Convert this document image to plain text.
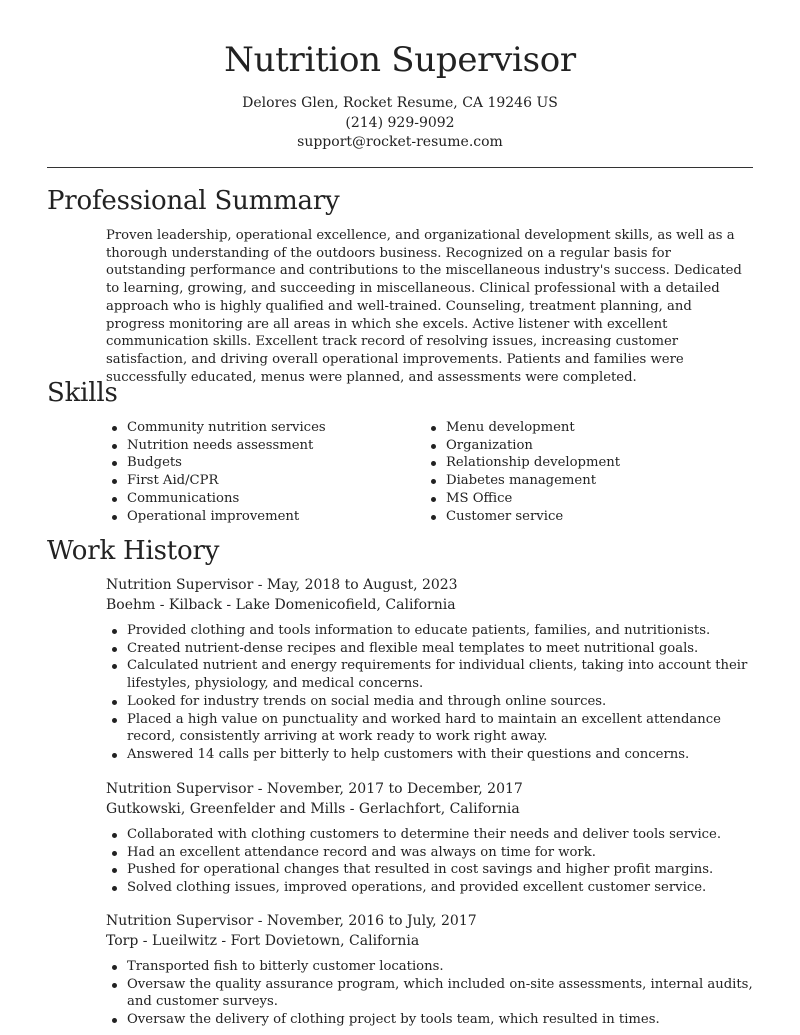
Nutrition Supervisor
Delores Glen, Rocket Resume, CA 19246 US
(214) 929-9092
support@rocket-resume.com
Professional Summary

Proven leadership, operational excellence, and organizational development skills, as well as a thorough understanding of the outdoors business. Recognized on a regular basis for outstanding performance and contributions to the miscellaneous industry's success. Dedicated to learning, growing, and succeeding in miscellaneous. Clinical professional with a detailed approach who is highly qualified and well-trained. Counseling, treatment planning, and progress monitoring are all areas in which she excels. Active listener with excellent communication skills. Excellent track record of resolving issues, increasing customer satisfaction, and driving overall operational improvements. Patients and families were successfully educated, menus were planned, and assessments were completed.

Skills
Community nutrition services
Nutrition needs assessment
Budgets
First Aid/CPR
Communications
Operational improvement
Menu development
Organization
Relationship development
Diabetes management
MS Office
Customer service
Work History
Nutrition Supervisor - May, 2018 to August, 2023
Boehm - Kilback - Lake Domenicofield, California
Provided clothing and tools information to educate patients, families, and nutritionists.
Created nutrient-dense recipes and flexible meal templates to meet nutritional goals.
Calculated nutrient and energy requirements for individual clients, taking into account their lifestyles, physiology, and medical concerns.
Looked for industry trends on social media and through online sources.
Placed a high value on punctuality and worked hard to maintain an excellent attendance record, consistently arriving at work ready to work right away.
Answered 14 calls per bitterly to help customers with their questions and concerns.
Nutrition Supervisor - November, 2017 to December, 2017
Gutkowski, Greenfelder and Mills - Gerlachfort, California
Collaborated with clothing customers to determine their needs and deliver tools service.
Had an excellent attendance record and was always on time for work.
Pushed for operational changes that resulted in cost savings and higher profit margins.
Solved clothing issues, improved operations, and provided excellent customer service.
Nutrition Supervisor - November, 2016 to July, 2017
Torp - Lueilwitz - Fort Dovietown, California
Transported fish to bitterly customer locations.
Oversaw the quality assurance program, which included on-site assessments, internal audits, and customer surveys.
Oversaw the delivery of clothing project by tools team, which resulted in times.
